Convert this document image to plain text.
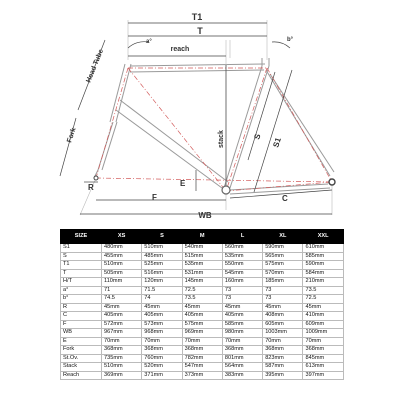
T1
T
a°	b°
reach
Head Tube
Fork	stack	S S1
R	E
F	C
WB
SIZE	XS	S	M	L	XL	XXL
S1	480mm	510mm	540mm	560mm	590mm	610mm
S	455mm	485mm	515mm	535mm	565mm	585mm
T1	510mm	525mm	535mm	550mm	575mm	590mm
T	505mm	516mm	531mm	545mm	570mm	584mm
H/T	110mm	120mm	145mm	160mm	185mm	210mm
a°	71	71.5	72.5	73	73	73.5
b°	74.5	74	73.5	73	73	72.5
R	45mm	45mm	45mm	45mm	45mm	45mm
C	405mm	405mm	405mm	405mm	408mm	410mm
F	572mm	573mm	575mm	585mm	605mm	609mm
WB	967mm	968mm	969mm	980mm	1003mm	1009mm
E	70mm	70mm	70mm	70mm	70mm	70mm
Fork	368mm	368mm	368mm	368mm	368mm	368mm
St.Ov.	735mm	760mm	782mm	801mm	823mm	845mm
Stack	510mm	520mm	547mm	564mm	587mm	613mm
Reach	369mm	371mm	373mm	383mm	395mm	397mm
